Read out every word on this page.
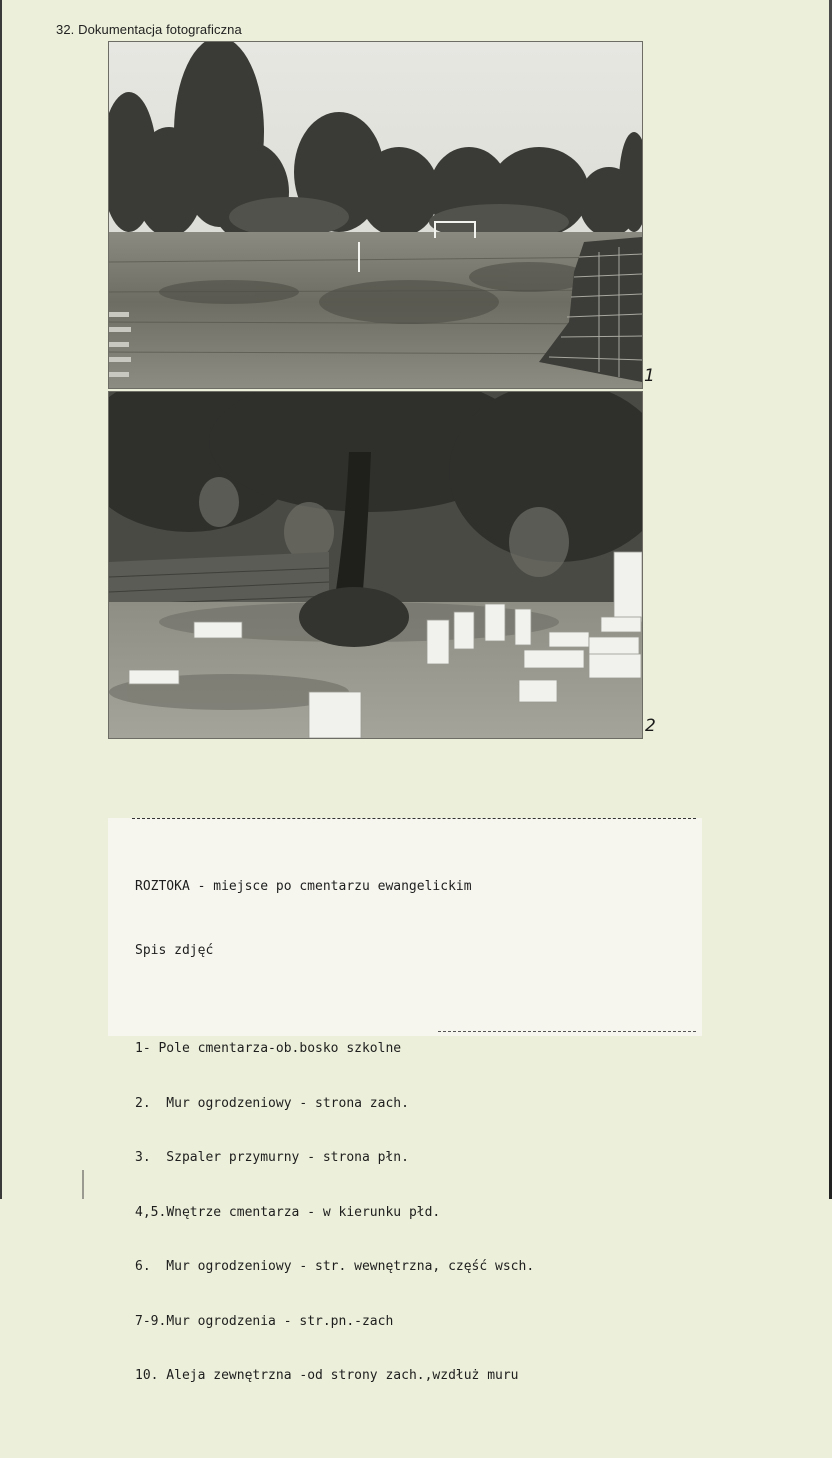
32. Dokumentacja fotograficzna
1
2

ROZTOKA - miejsce po cmentarzu ewangelickim

Spis zdjęć

1- Pole cmentarza-ob.bosko szkolne

2.  Mur ogrodzeniowy - strona zach.

3.  Szpaler przymurny - strona płn.

4,5.Wnętrze cmentarza - w kierunku płd.

6.  Mur ogrodzeniowy - str. wewnętrzna, część wsch.

7-9.Mur ogrodzenia - str.pn.-zach

10. Aleja zewnętrzna -od strony zach.,wzdłuż muru
